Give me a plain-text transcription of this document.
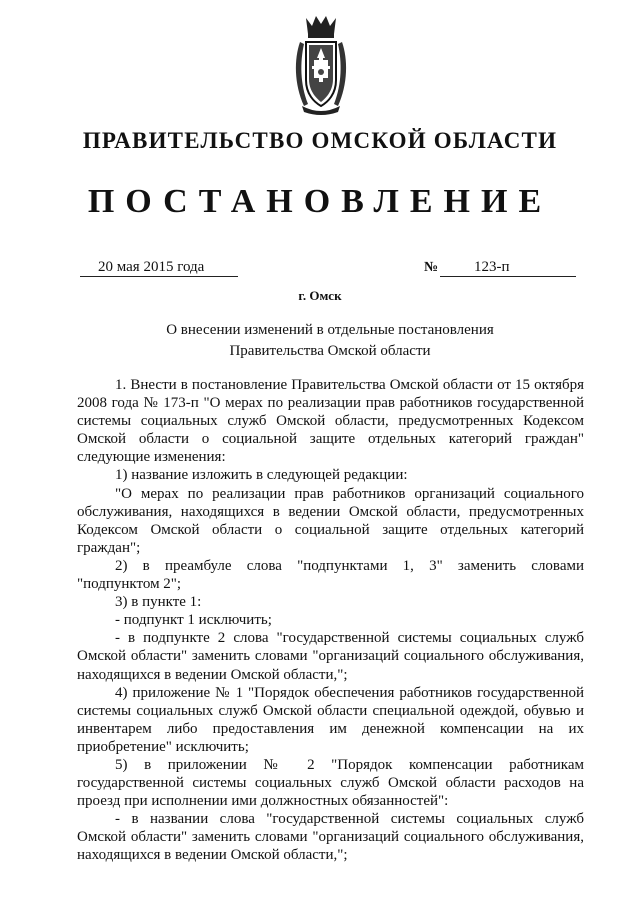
ПРАВИТЕЛЬСТВО ОМСКОЙ ОБЛАСТИ
ПОСТАНОВЛЕНИЕ
20 мая 2015 года	№	123-п
г. Омск
О внесении изменений в отдельные постановления
Правительства Омской области
1. Внести в постановление Правительства Омской области от 15 октября
2008 года № 173-п "О мерах по реализации прав работников государственной
системы социальных служб Омской области, предусмотренных Кодексом
Омской области о социальной защите отдельных категорий граждан"
следующие изменения:
1) название изложить в следующей редакции:
"О мерах по реализации прав работников организаций социального
обслуживания, находящихся в ведении Омской области, предусмотренных
Кодексом Омской области о социальной защите отдельных категорий
граждан";
2) в преамбуле слова "подпунктами 1, 3" заменить словами
"подпунктом 2";
3) в пункте 1:
- подпункт 1 исключить;
- в подпункте 2 слова "государственной системы социальных служб
Омской области" заменить словами "организаций социального обслуживания,
находящихся в ведении Омской области,";
4) приложение № 1 "Порядок обеспечения работников государственной
системы социальных служб Омской области специальной одеждой, обувью и
инвентарем либо предоставления им денежной компенсации на их
приобретение" исключить;
5) в приложении № 2 "Порядок компенсации работникам
государственной системы социальных служб Омской области расходов на
проезд при исполнении ими должностных обязанностей":
- в названии слова "государственной системы социальных служб
Омской области" заменить словами "организаций социального обслуживания,
находящихся в ведении Омской области,";
